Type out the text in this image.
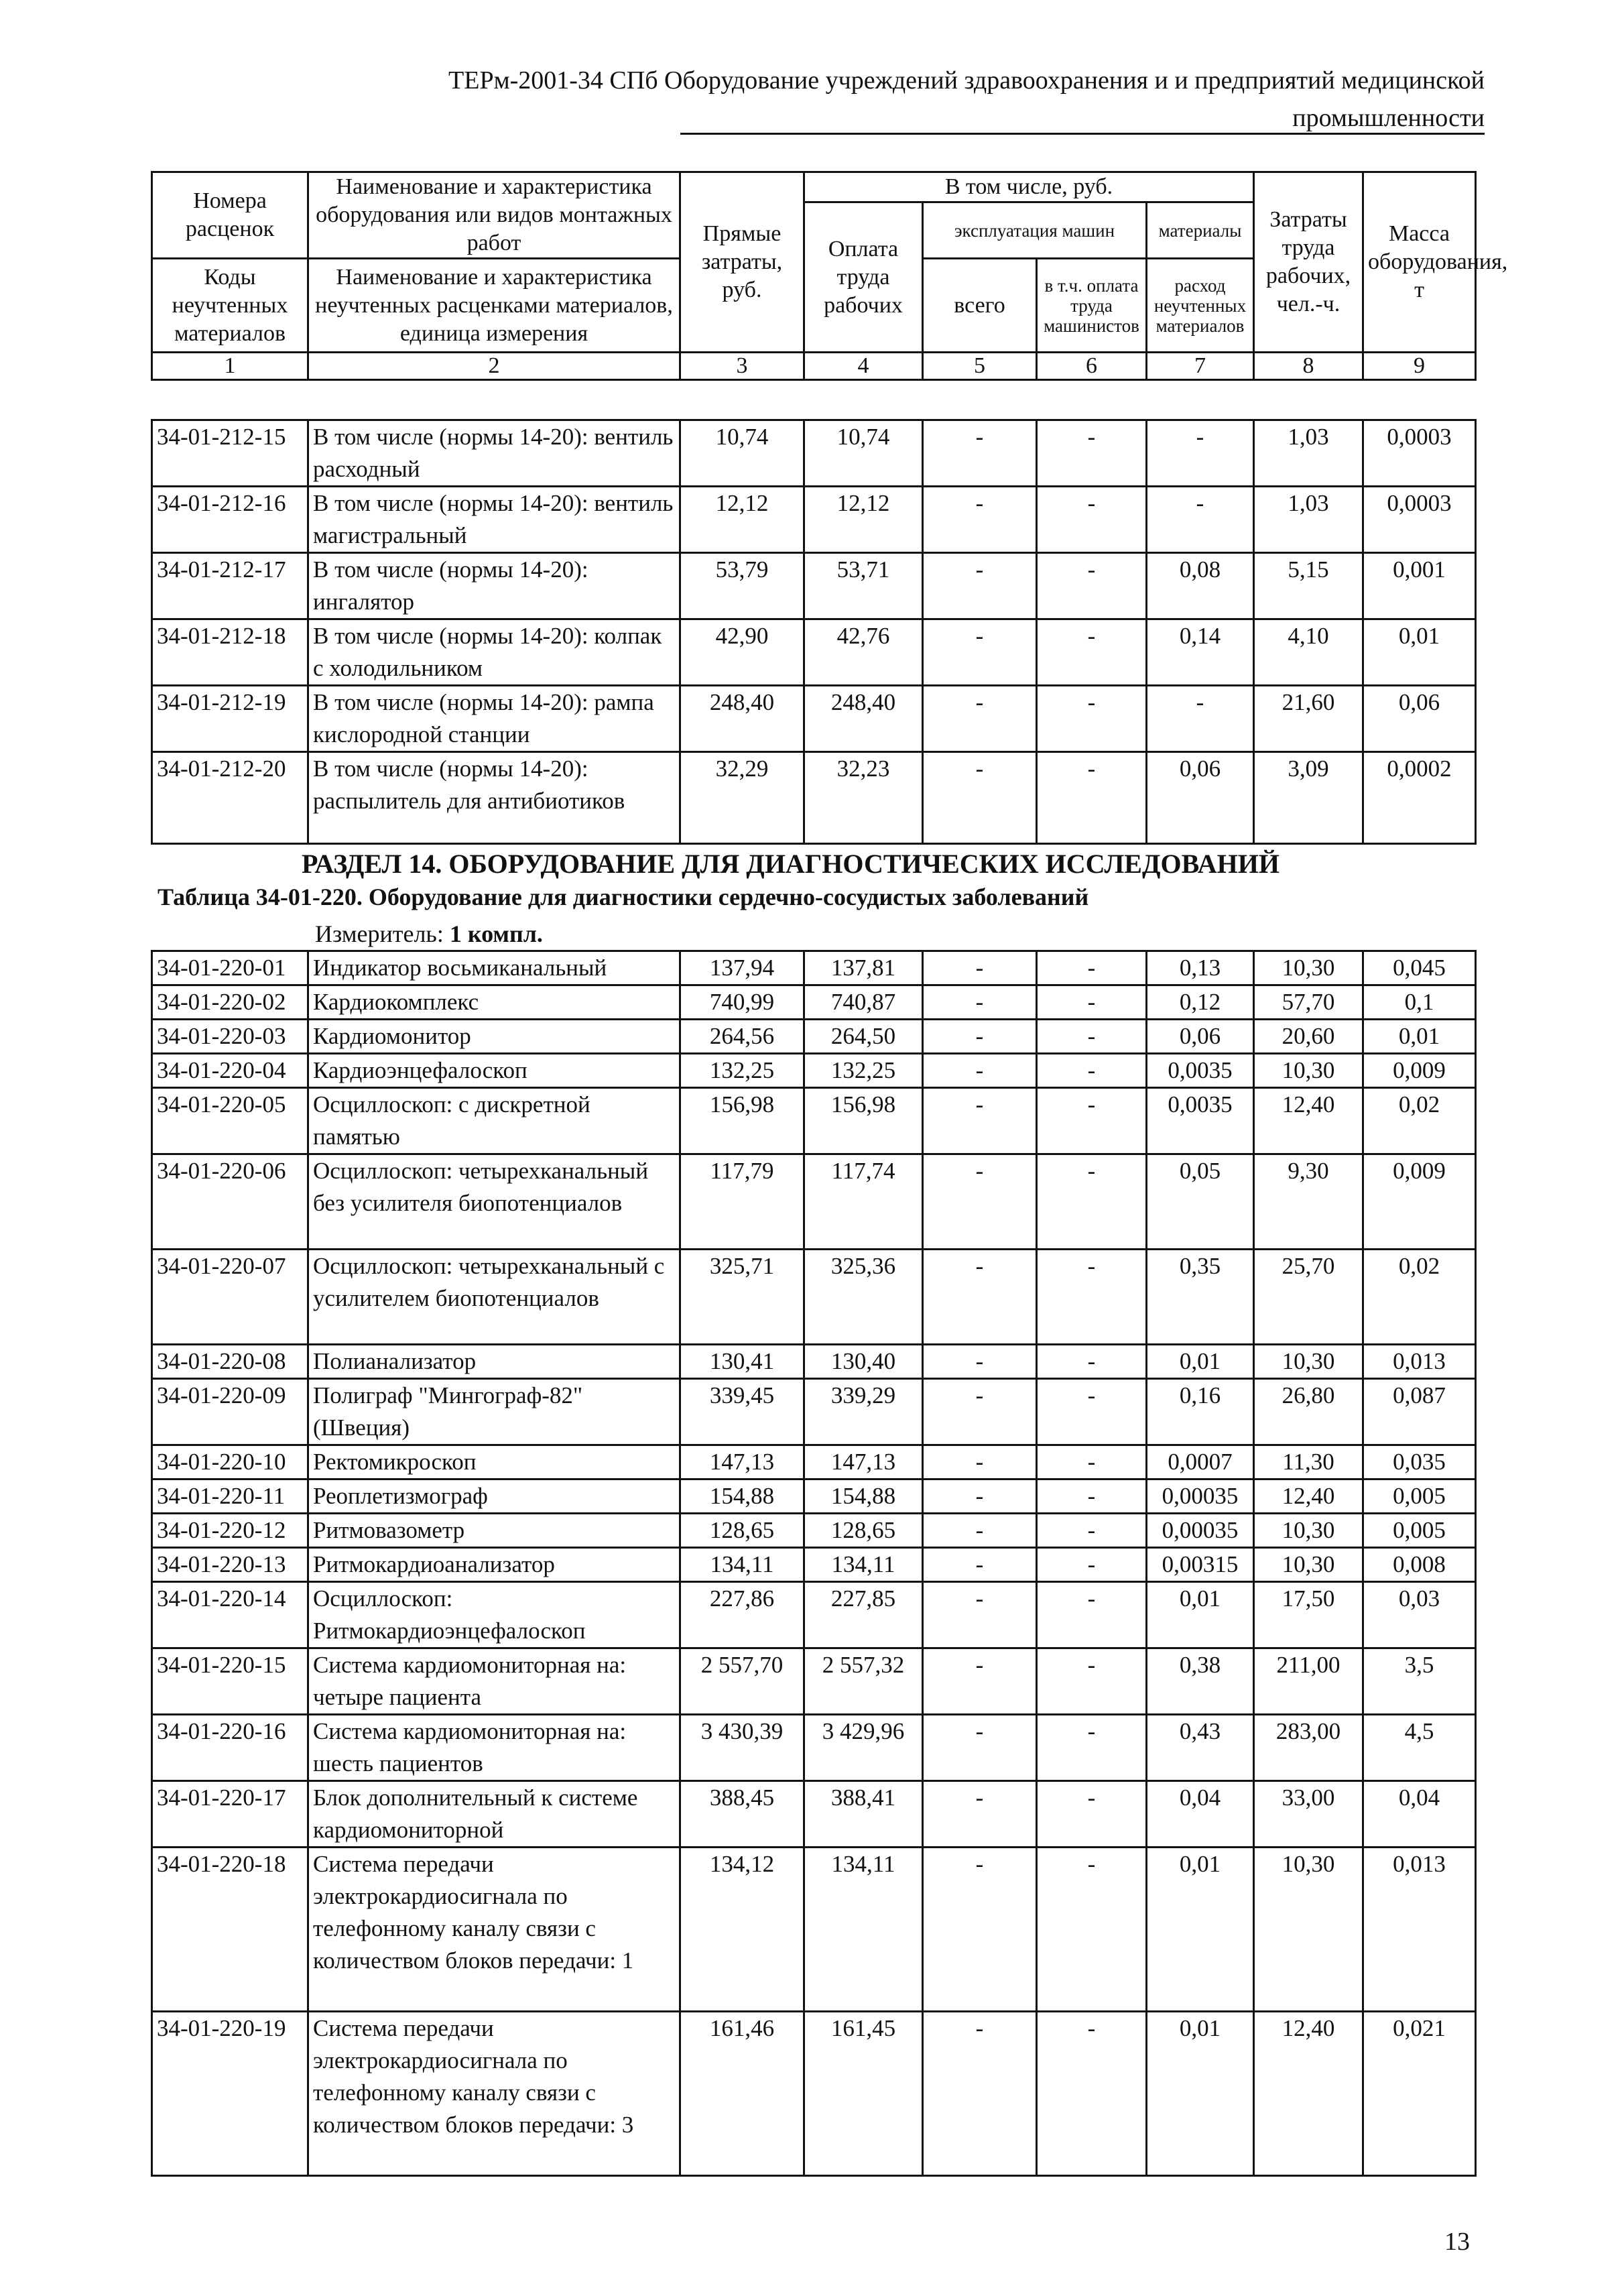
ТЕРм-2001-34 СПб Оборудование учреждений здравоохранения и и предприятий медицинской промышленности
Номера расценок	Наименование и характеристика оборудования или видов монтажных работ	Прямые затраты, руб.	В том числе, руб.				Затраты труда рабочих, чел.-ч.	Масса оборудования, т
			Оплата труда рабочих	эксплуатация машин		материалы		
Коды неучтенных материалов	Наименование и характеристика неучтенных расценками материалов, единица измерения			всего	в т.ч. оплата труда машинистов	расход неучтенных материалов		

1	2	3	4	5	6	7	8	9
34-01-212-15	В том числе (нормы 14-20): вентиль расходный	10,74	10,74	-	-	-	1,03	0,0003
34-01-212-16	В том числе (нормы 14-20): вентиль магистральный	12,12	12,12	-	-	-	1,03	0,0003
34-01-212-17	В том числе (нормы 14-20): ингалятор	53,79	53,71	-	-	0,08	5,15	0,001
34-01-212-18	В том числе (нормы 14-20): колпак с холодильником	42,90	42,76	-	-	0,14	4,10	0,01
34-01-212-19	В том числе (нормы 14-20): рампа кислородной станции	248,40	248,40	-	-	-	21,60	0,06
34-01-212-20	В том числе (нормы 14-20): распылитель для антибиотиков	32,29	32,23	-	-	0,06	3,09	0,0002
РАЗДЕЛ 14. ОБОРУДОВАНИЕ ДЛЯ ДИАГНОСТИЧЕСКИХ ИССЛЕДОВАНИЙ
Таблица 34-01-220. Оборудование для диагностики сердечно-сосудистых заболеваний
Измеритель: 1 компл.
34-01-220-01	Индикатор восьмиканальный	137,94	137,81	-	-	0,13	10,30	0,045
34-01-220-02	Кардиокомплекс	740,99	740,87	-	-	0,12	57,70	0,1
34-01-220-03	Кардиомонитор	264,56	264,50	-	-	0,06	20,60	0,01
34-01-220-04	Кардиоэнцефалоскоп	132,25	132,25	-	-	0,0035	10,30	0,009
34-01-220-05	Осциллоскоп: с дискретной памятью	156,98	156,98	-	-	0,0035	12,40	0,02
34-01-220-06	Осциллоскоп: четырехканальный без усилителя биопотенциалов	117,79	117,74	-	-	0,05	9,30	0,009
34-01-220-07	Осциллоскоп: четырехканальный с усилителем биопотенциалов	325,71	325,36	-	-	0,35	25,70	0,02
34-01-220-08	Полианализатор	130,41	130,40	-	-	0,01	10,30	0,013
34-01-220-09	Полиграф "Мингограф-82" (Швеция)	339,45	339,29	-	-	0,16	26,80	0,087
34-01-220-10	Ректомикроскоп	147,13	147,13	-	-	0,0007	11,30	0,035
34-01-220-11	Реоплетизмограф	154,88	154,88	-	-	0,00035	12,40	0,005
34-01-220-12	Ритмовазометр	128,65	128,65	-	-	0,00035	10,30	0,005
34-01-220-13	Ритмокардиоанализатор	134,11	134,11	-	-	0,00315	10,30	0,008
34-01-220-14	Осциллоскоп: Ритмокардиоэнцефалоскоп	227,86	227,85	-	-	0,01	17,50	0,03
34-01-220-15	Система кардиомониторная на: четыре пациента	2 557,70	2 557,32	-	-	0,38	211,00	3,5
34-01-220-16	Система кардиомониторная на: шесть пациентов	3 430,39	3 429,96	-	-	0,43	283,00	4,5
34-01-220-17	Блок дополнительный к системе кардиомониторной	388,45	388,41	-	-	0,04	33,00	0,04
34-01-220-18	Система передачи электрокардиосигнала по телефонному каналу связи с количеством блоков передачи: 1	134,12	134,11	-	-	0,01	10,30	0,013
34-01-220-19	Система передачи электрокардиосигнала по телефонному каналу связи с количеством блоков передачи: 3	161,46	161,45	-	-	0,01	12,40	0,021
13
